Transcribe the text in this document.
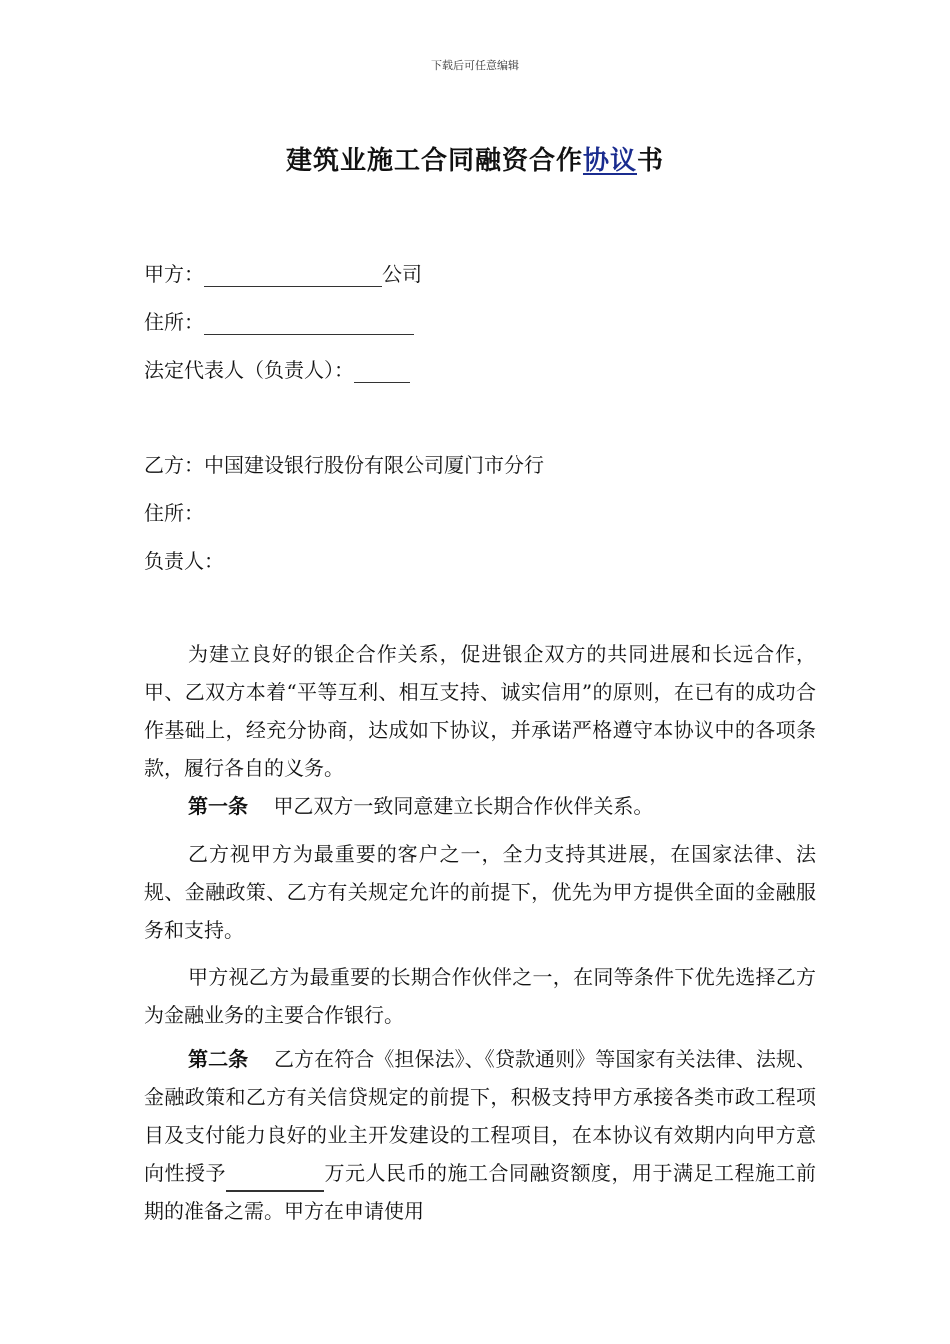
下载后可任意编辑
建筑业施工合同融资合作协议书
甲方：	公司
住所：
法定代表人（负责人）：
乙方：中国建设银行股份有限公司厦门市分行
住所：
负责人：
为建立良好的银企合作关系，促进银企双方的共同进展和长远合作，甲、乙双方本着“平等互利、相互支持、诚实信用”的原则，在已有的成功合作基础上，经充分协商，达成如下协议，并承诺严格遵守本协议中的各项条款，履行各自的义务。
第一条 甲乙双方一致同意建立长期合作伙伴关系。
乙方视甲方为最重要的客户之一，全力支持其进展，在国家法律、法规、金融政策、乙方有关规定允许的前提下，优先为甲方提供全面的金融服务和支持。
甲方视乙方为最重要的长期合作伙伴之一，在同等条件下优先选择乙方为金融业务的主要合作银行。
第二条 乙方在符合《担保法》、《贷款通则》等国家有关法律、法规、金融政策和乙方有关信贷规定的前提下，积极支持甲方承接各类市政工程项目及支付能力良好的业主开发建设的工程项目，在本协议有效期内向甲方意向性授予	万元人民币的施工合同融资额度，用于满足工程施工前期的准备之需。甲方在申请使用
